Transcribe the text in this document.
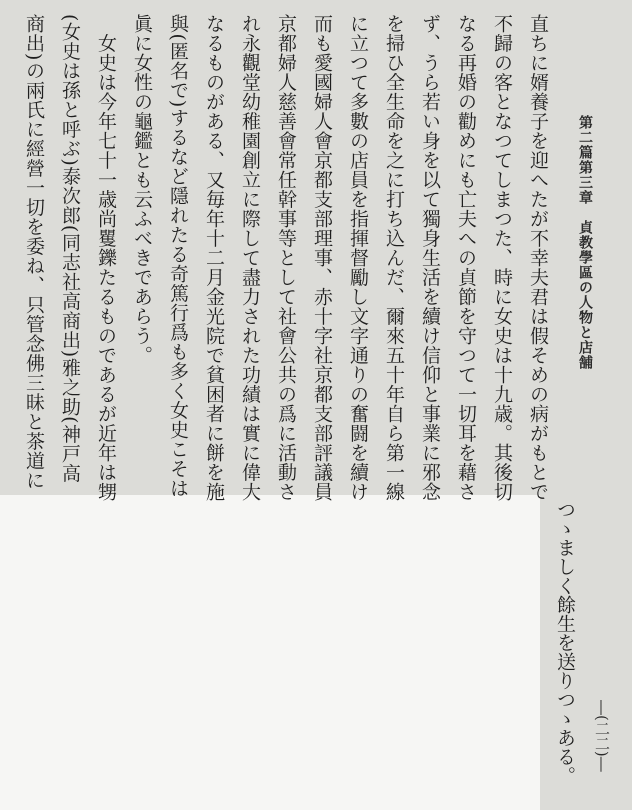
第二篇第三章　貞教學區の人物と店舗
直ちに婿養子を迎へたが不幸夫君は假そめの病がもとで
不歸の客となつてしまつた、時に女史は十九歳。其後切
なる再婚の勸めにも亡夫への貞節を守つて一切耳を藉さ
ず、うら若い身を以て獨身生活を續け信仰と事業に邪念
を掃ひ全生命を之に打ち込んだ、爾來五十年自ら第一線
に立つて多數の店員を指揮督勵し文字通りの奮闘を續け
而も愛國婦人會京都支部理事、赤十字社京都支部評議員
京都婦人慈善會常任幹事等として社會公共の爲に活動さ
れ永觀堂幼稚園創立に際して盡力された功績は實に偉大
なるものがある、又毎年十二月金光院で貧困者に餅を施
與(匿名で)するなど隱れたる奇篤行爲も多く女史こそは
眞に女性の龜鑑とも云ふべきであらう。
　女史は今年七十一歳尚矍鑠たるものであるが近年は甥
(女史は孫と呼ぶ)泰次郎(同志社高商出)雅之助(神戸高
商出)の兩氏に經營一切を委ね、只管念佛三昧と茶道に
つゝましく餘生を送りつゝある。 ―(二二)―
